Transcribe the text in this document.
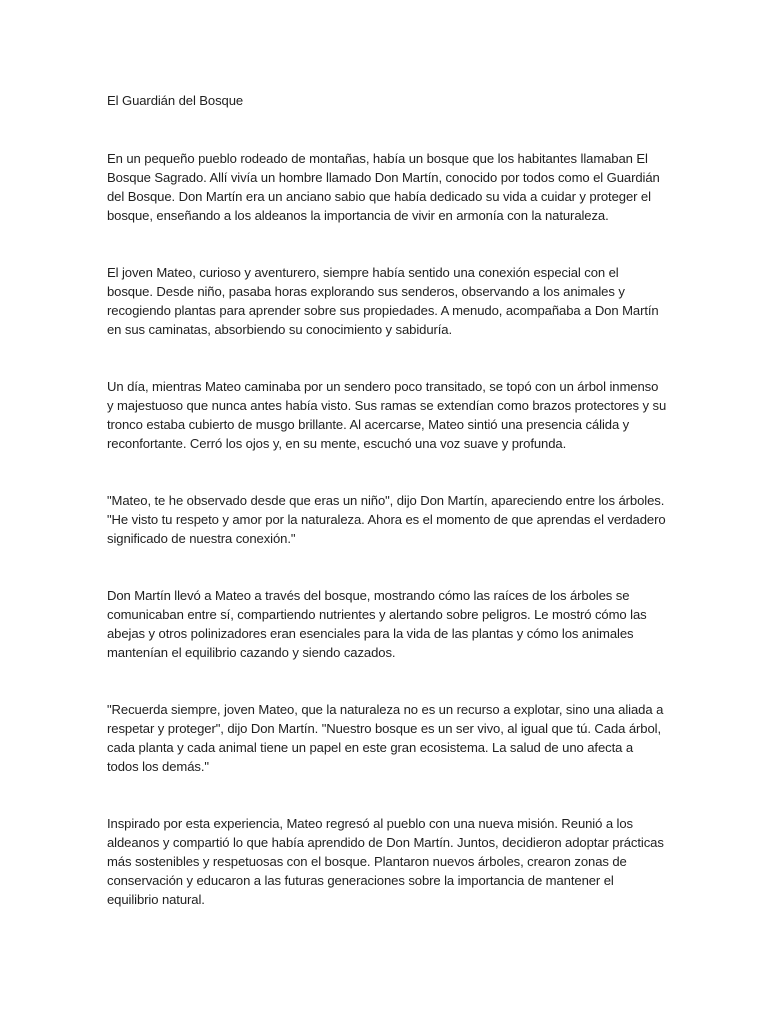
El Guardián del Bosque

En un pequeño pueblo rodeado de montañas, había un bosque que los habitantes llamaban El Bosque Sagrado. Allí vivía un hombre llamado Don Martín, conocido por todos como el Guardián del Bosque. Don Martín era un anciano sabio que había dedicado su vida a cuidar y proteger el bosque, enseñando a los aldeanos la importancia de vivir en armonía con la naturaleza.

El joven Mateo, curioso y aventurero, siempre había sentido una conexión especial con el bosque. Desde niño, pasaba horas explorando sus senderos, observando a los animales y recogiendo plantas para aprender sobre sus propiedades. A menudo, acompañaba a Don Martín en sus caminatas, absorbiendo su conocimiento y sabiduría.

Un día, mientras Mateo caminaba por un sendero poco transitado, se topó con un árbol inmenso y majestuoso que nunca antes había visto. Sus ramas se extendían como brazos protectores y su tronco estaba cubierto de musgo brillante. Al acercarse, Mateo sintió una presencia cálida y reconfortante. Cerró los ojos y, en su mente, escuchó una voz suave y profunda.

"Mateo, te he observado desde que eras un niño", dijo Don Martín, apareciendo entre los árboles. "He visto tu respeto y amor por la naturaleza. Ahora es el momento de que aprendas el verdadero significado de nuestra conexión."

Don Martín llevó a Mateo a través del bosque, mostrando cómo las raíces de los árboles se comunicaban entre sí, compartiendo nutrientes y alertando sobre peligros. Le mostró cómo las abejas y otros polinizadores eran esenciales para la vida de las plantas y cómo los animales mantenían el equilibrio cazando y siendo cazados.

"Recuerda siempre, joven Mateo, que la naturaleza no es un recurso a explotar, sino una aliada a respetar y proteger", dijo Don Martín. "Nuestro bosque es un ser vivo, al igual que tú. Cada árbol, cada planta y cada animal tiene un papel en este gran ecosistema. La salud de uno afecta a todos los demás."

Inspirado por esta experiencia, Mateo regresó al pueblo con una nueva misión. Reunió a los aldeanos y compartió lo que había aprendido de Don Martín. Juntos, decidieron adoptar prácticas más sostenibles y respetuosas con el bosque. Plantaron nuevos árboles, crearon zonas de conservación y educaron a las futuras generaciones sobre la importancia de mantener el equilibrio natural.
